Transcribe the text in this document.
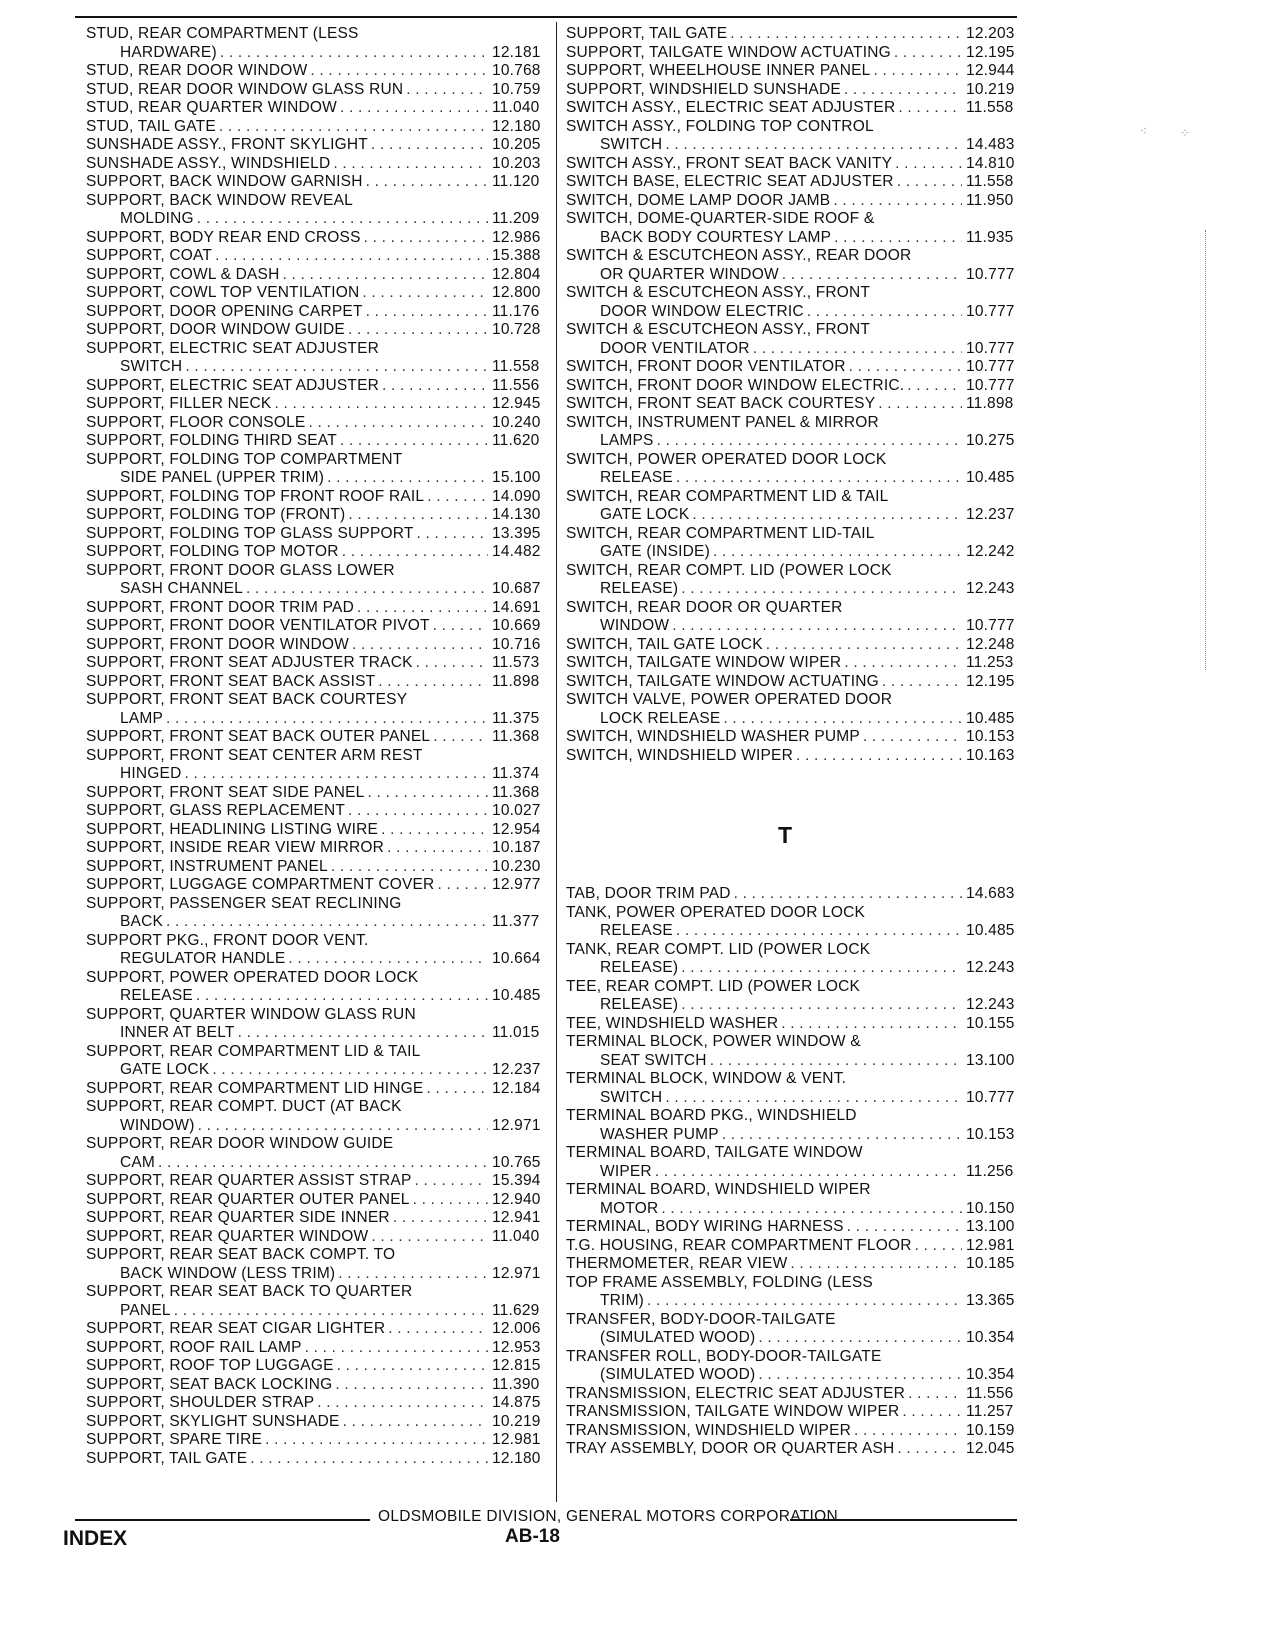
STUD, REAR COMPARTMENT (LESS
HARDWARE) . . .	12.181
STUD, REAR DOOR WINDOW . . .	10.768
STUD, REAR DOOR WINDOW GLASS RUN . . .	10.759
STUD, REAR QUARTER WINDOW . . .	11.040
STUD, TAIL GATE . . .	12.180
SUNSHADE ASSY., FRONT SKYLIGHT . . .	10.205
SUNSHADE ASSY., WINDSHIELD . . .	10.203
SUPPORT, BACK WINDOW GARNISH . . .	11.120
SUPPORT, BACK WINDOW REVEAL
MOLDING . . .	11.209
SUPPORT, BODY REAR END CROSS . . .	12.986
SUPPORT, COAT . . .	15.388
SUPPORT, COWL & DASH . . .	12.804
SUPPORT, COWL TOP VENTILATION . . .	12.800
SUPPORT, DOOR OPENING CARPET . . .	11.176
SUPPORT, DOOR WINDOW GUIDE . . .	10.728
SUPPORT, ELECTRIC SEAT ADJUSTER
SWITCH . . .	11.558
SUPPORT, ELECTRIC SEAT ADJUSTER . . .	11.556
SUPPORT, FILLER NECK . . .	12.945
SUPPORT, FLOOR CONSOLE . . .	10.240
SUPPORT, FOLDING THIRD SEAT . . .	11.620
SUPPORT, FOLDING TOP COMPARTMENT
SIDE PANEL (UPPER TRIM) . . .	15.100
SUPPORT, FOLDING TOP FRONT ROOF RAIL . . .	14.090
SUPPORT, FOLDING TOP (FRONT) . . .	14.130
SUPPORT, FOLDING TOP GLASS SUPPORT . . .	13.395
SUPPORT, FOLDING TOP MOTOR . . .	14.482
SUPPORT, FRONT DOOR GLASS LOWER
SASH CHANNEL . . .	10.687
SUPPORT, FRONT DOOR TRIM PAD . . .	14.691
SUPPORT, FRONT DOOR VENTILATOR PIVOT . . .	10.669
SUPPORT, FRONT DOOR WINDOW . . .	10.716
SUPPORT, FRONT SEAT ADJUSTER TRACK . . .	11.573
SUPPORT, FRONT SEAT BACK ASSIST . . .	11.898
SUPPORT, FRONT SEAT BACK COURTESY
LAMP . . .	11.375
SUPPORT, FRONT SEAT BACK OUTER PANEL . . .	11.368
SUPPORT, FRONT SEAT CENTER ARM REST
HINGED . . .	11.374
SUPPORT, FRONT SEAT SIDE PANEL . . .	11.368
SUPPORT, GLASS REPLACEMENT . . .	10.027
SUPPORT, HEADLINING LISTING WIRE . . .	12.954
SUPPORT, INSIDE REAR VIEW MIRROR . . .	10.187
SUPPORT, INSTRUMENT PANEL . . .	10.230
SUPPORT, LUGGAGE COMPARTMENT COVER . . .	12.977
SUPPORT, PASSENGER SEAT RECLINING
BACK . . .	11.377
SUPPORT PKG., FRONT DOOR VENT.
REGULATOR HANDLE . . .	10.664
SUPPORT, POWER OPERATED DOOR LOCK
RELEASE . . .	10.485
SUPPORT, QUARTER WINDOW GLASS RUN
INNER AT BELT . . .	11.015
SUPPORT, REAR COMPARTMENT LID & TAIL
GATE LOCK . . .	12.237
SUPPORT, REAR COMPARTMENT LID HINGE . . .	12.184
SUPPORT, REAR COMPT. DUCT (AT BACK
WINDOW) . . .	12.971
SUPPORT, REAR DOOR WINDOW GUIDE
CAM . . .	10.765
SUPPORT, REAR QUARTER ASSIST STRAP . . .	15.394
SUPPORT, REAR QUARTER OUTER PANEL . . .	12.940
SUPPORT, REAR QUARTER SIDE INNER . . .	12.941
SUPPORT, REAR QUARTER WINDOW . . .	11.040
SUPPORT, REAR SEAT BACK COMPT. TO
BACK WINDOW (LESS TRIM) . . .	12.971
SUPPORT, REAR SEAT BACK TO QUARTER
PANEL . . .	11.629
SUPPORT, REAR SEAT CIGAR LIGHTER . . .	12.006
SUPPORT, ROOF RAIL LAMP . . .	12.953
SUPPORT, ROOF TOP LUGGAGE . . .	12.815
SUPPORT, SEAT BACK LOCKING . . .	11.390
SUPPORT, SHOULDER STRAP . . .	14.875
SUPPORT, SKYLIGHT SUNSHADE . . .	10.219
SUPPORT, SPARE TIRE . . .	12.981
SUPPORT, TAIL GATE . . .	12.180
SUPPORT, TAIL GATE . . .	12.203
SUPPORT, TAILGATE WINDOW ACTUATING . . .	12.195
SUPPORT, WHEELHOUSE INNER PANEL . . .	12.944
SUPPORT, WINDSHIELD SUNSHADE . . .	10.219
SWITCH ASSY., ELECTRIC SEAT ADJUSTER . . .	11.558
SWITCH ASSY., FOLDING TOP CONTROL
SWITCH . . .	14.483
SWITCH ASSY., FRONT SEAT BACK VANITY . . .	14.810
SWITCH BASE, ELECTRIC SEAT ADJUSTER . . .	11.558
SWITCH, DOME LAMP DOOR JAMB . . .	11.950
SWITCH, DOME-QUARTER-SIDE ROOF &
BACK BODY COURTESY LAMP . . .	11.935
SWITCH & ESCUTCHEON ASSY., REAR DOOR
OR QUARTER WINDOW . . .	10.777
SWITCH & ESCUTCHEON ASSY., FRONT
DOOR WINDOW ELECTRIC . . .	10.777
SWITCH & ESCUTCHEON ASSY., FRONT
DOOR VENTILATOR . . .	10.777
SWITCH, FRONT DOOR VENTILATOR . . .	10.777
SWITCH, FRONT DOOR WINDOW ELECTRIC. . . .	10.777
SWITCH, FRONT SEAT BACK COURTESY . . .	11.898
SWITCH, INSTRUMENT PANEL & MIRROR
LAMPS . . .	10.275
SWITCH, POWER OPERATED DOOR LOCK
RELEASE . . .	10.485
SWITCH, REAR COMPARTMENT LID & TAIL
GATE LOCK . . .	12.237
SWITCH, REAR COMPARTMENT LID-TAIL
GATE (INSIDE) . . .	12.242
SWITCH, REAR COMPT. LID (POWER LOCK
RELEASE) . . .	12.243
SWITCH, REAR DOOR OR QUARTER
WINDOW . . .	10.777
SWITCH, TAIL GATE LOCK . . .	12.248
SWITCH, TAILGATE WINDOW WIPER . . .	11.253
SWITCH, TAILGATE WINDOW ACTUATING . . .	12.195
SWITCH VALVE, POWER OPERATED DOOR
LOCK RELEASE . . .	10.485
SWITCH, WINDSHIELD WASHER PUMP . . .	10.153
SWITCH, WINDSHIELD WIPER . . .	10.163
TAB, DOOR TRIM PAD . . .	14.683
TANK, POWER OPERATED DOOR LOCK
RELEASE . . .	10.485
TANK, REAR COMPT. LID (POWER LOCK
RELEASE) . . .	12.243
TEE, REAR COMPT. LID (POWER LOCK
RELEASE) . . .	12.243
TEE, WINDSHIELD WASHER . . .	10.155
TERMINAL BLOCK, POWER WINDOW &
SEAT SWITCH . . .	13.100
TERMINAL BLOCK, WINDOW & VENT.
SWITCH . . .	10.777
TERMINAL BOARD PKG., WINDSHIELD
WASHER PUMP . . .	10.153
TERMINAL BOARD, TAILGATE WINDOW
WIPER . . .	11.256
TERMINAL BOARD, WINDSHIELD WIPER
MOTOR . . .	10.150
TERMINAL, BODY WIRING HARNESS . . .	13.100
T.G. HOUSING, REAR COMPARTMENT FLOOR . . .	12.981
THERMOMETER, REAR VIEW . . .	10.185
TOP FRAME ASSEMBLY, FOLDING (LESS
TRIM) . . .	13.365
TRANSFER, BODY-DOOR-TAILGATE
(SIMULATED WOOD) . . .	10.354
TRANSFER ROLL, BODY-DOOR-TAILGATE
(SIMULATED WOOD) . . .	10.354
TRANSMISSION, ELECTRIC SEAT ADJUSTER . . .	11.556
TRANSMISSION, TAILGATE WINDOW WIPER . . .	11.257
TRANSMISSION, WINDSHIELD WIPER . . .	10.159
TRAY ASSEMBLY, DOOR OR QUARTER ASH . . .	12.045
T
OLDSMOBILE DIVISION, GENERAL MOTORS CORPORATION
INDEX	AB-18
⁖	⁘
